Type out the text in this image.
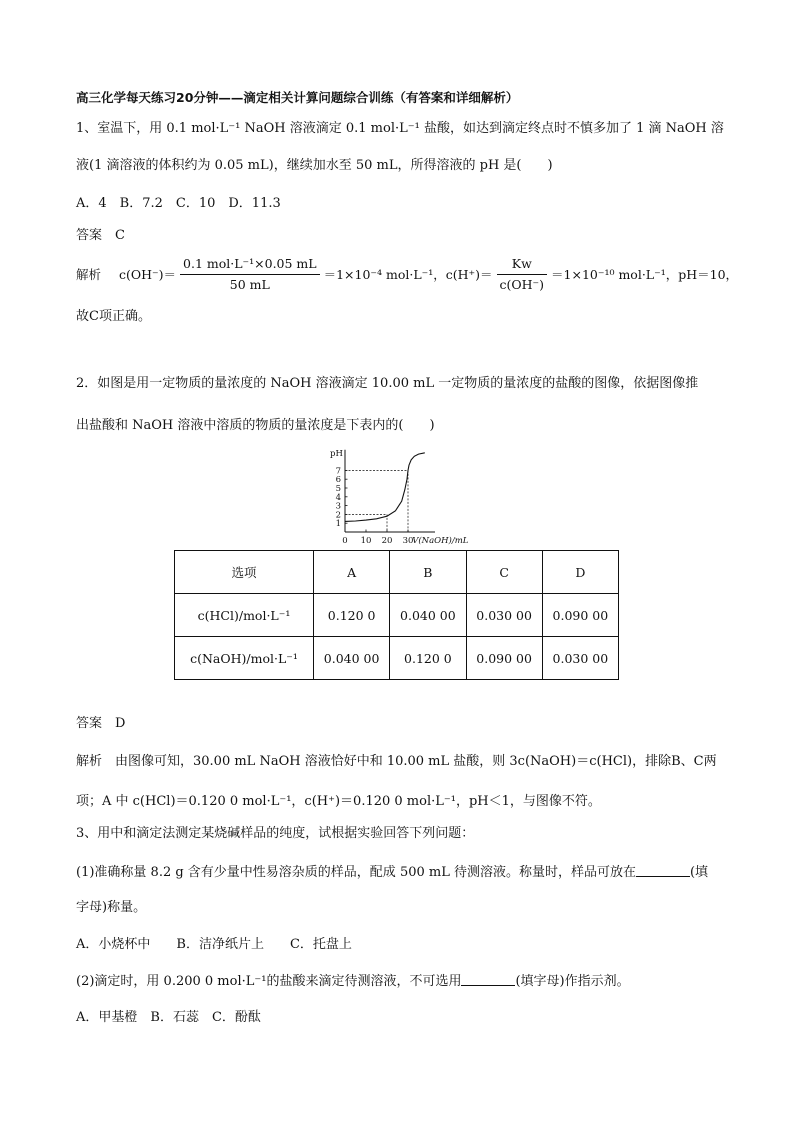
高三化学每天练习20分钟——滴定相关计算问题综合训练（有答案和详细解析）
1、室温下，用 0.1 mol·L⁻¹ NaOH 溶液滴定 0.1 mol·L⁻¹ 盐酸，如达到滴定终点时不慎多加了 1 滴 NaOH 溶
液(1 滴溶液的体积约为 0.05 mL)，继续加水至 50 mL，所得溶液的 pH 是(　　)
A．4　B．7.2　C．10　D．11.3
答案　C
解析 $c(OH^-)= \frac{\text{0.1 mol·L⁻¹×0.05 mL}}{50 mL} =1\times 10^{-4}$ mol·L⁻¹，$c(H^+)= \frac{Kw}{c(OH^-)} =1\times 10^{-10}$ mol·L⁻¹，pH＝10，
故C项正确。
2．如图是用一定物质的量浓度的 NaOH 溶液滴定 10.00 mL 一定物质的量浓度的盐酸的图像，依据图像推
出盐酸和 NaOH 溶液中溶质的物质的量浓度是下表内的(　　)
1
2
3
4
5
6
7
0 10 20 30
pH
V(NaOH)/mL
选项	A	B	C	D
c(HCl)/mol·L⁻¹	0.120 0	0.040 00	0.030 00	0.090 00
c(NaOH)/mol·L⁻¹	0.040 00	0.120 0	0.090 00	0.030 00
答案　D
解析　由图像可知，30.00 mL NaOH 溶液恰好中和 10.00 mL 盐酸，则 3c(NaOH)＝c(HCl)，排除B、C两
项；A 中 c(HCl)＝0.120 0 mol·L⁻¹，c(H⁺)＝0.120 0 mol·L⁻¹，pH＜1，与图像不符。
3、用中和滴定法测定某烧碱样品的纯度，试根据实验回答下列问题：
(1)准确称量 8.2 g 含有少量中性易溶杂质的样品，配成 500 mL 待测溶液。称量时，样品可放在	(填
字母)称量。
A．小烧杯中　　B．洁净纸片上　　C．托盘上
(2)滴定时，用 0.200 0 mol·L⁻¹的盐酸来滴定待测溶液，不可选用	(填字母)作指示剂。
A．甲基橙　B．石蕊　C．酚酞
